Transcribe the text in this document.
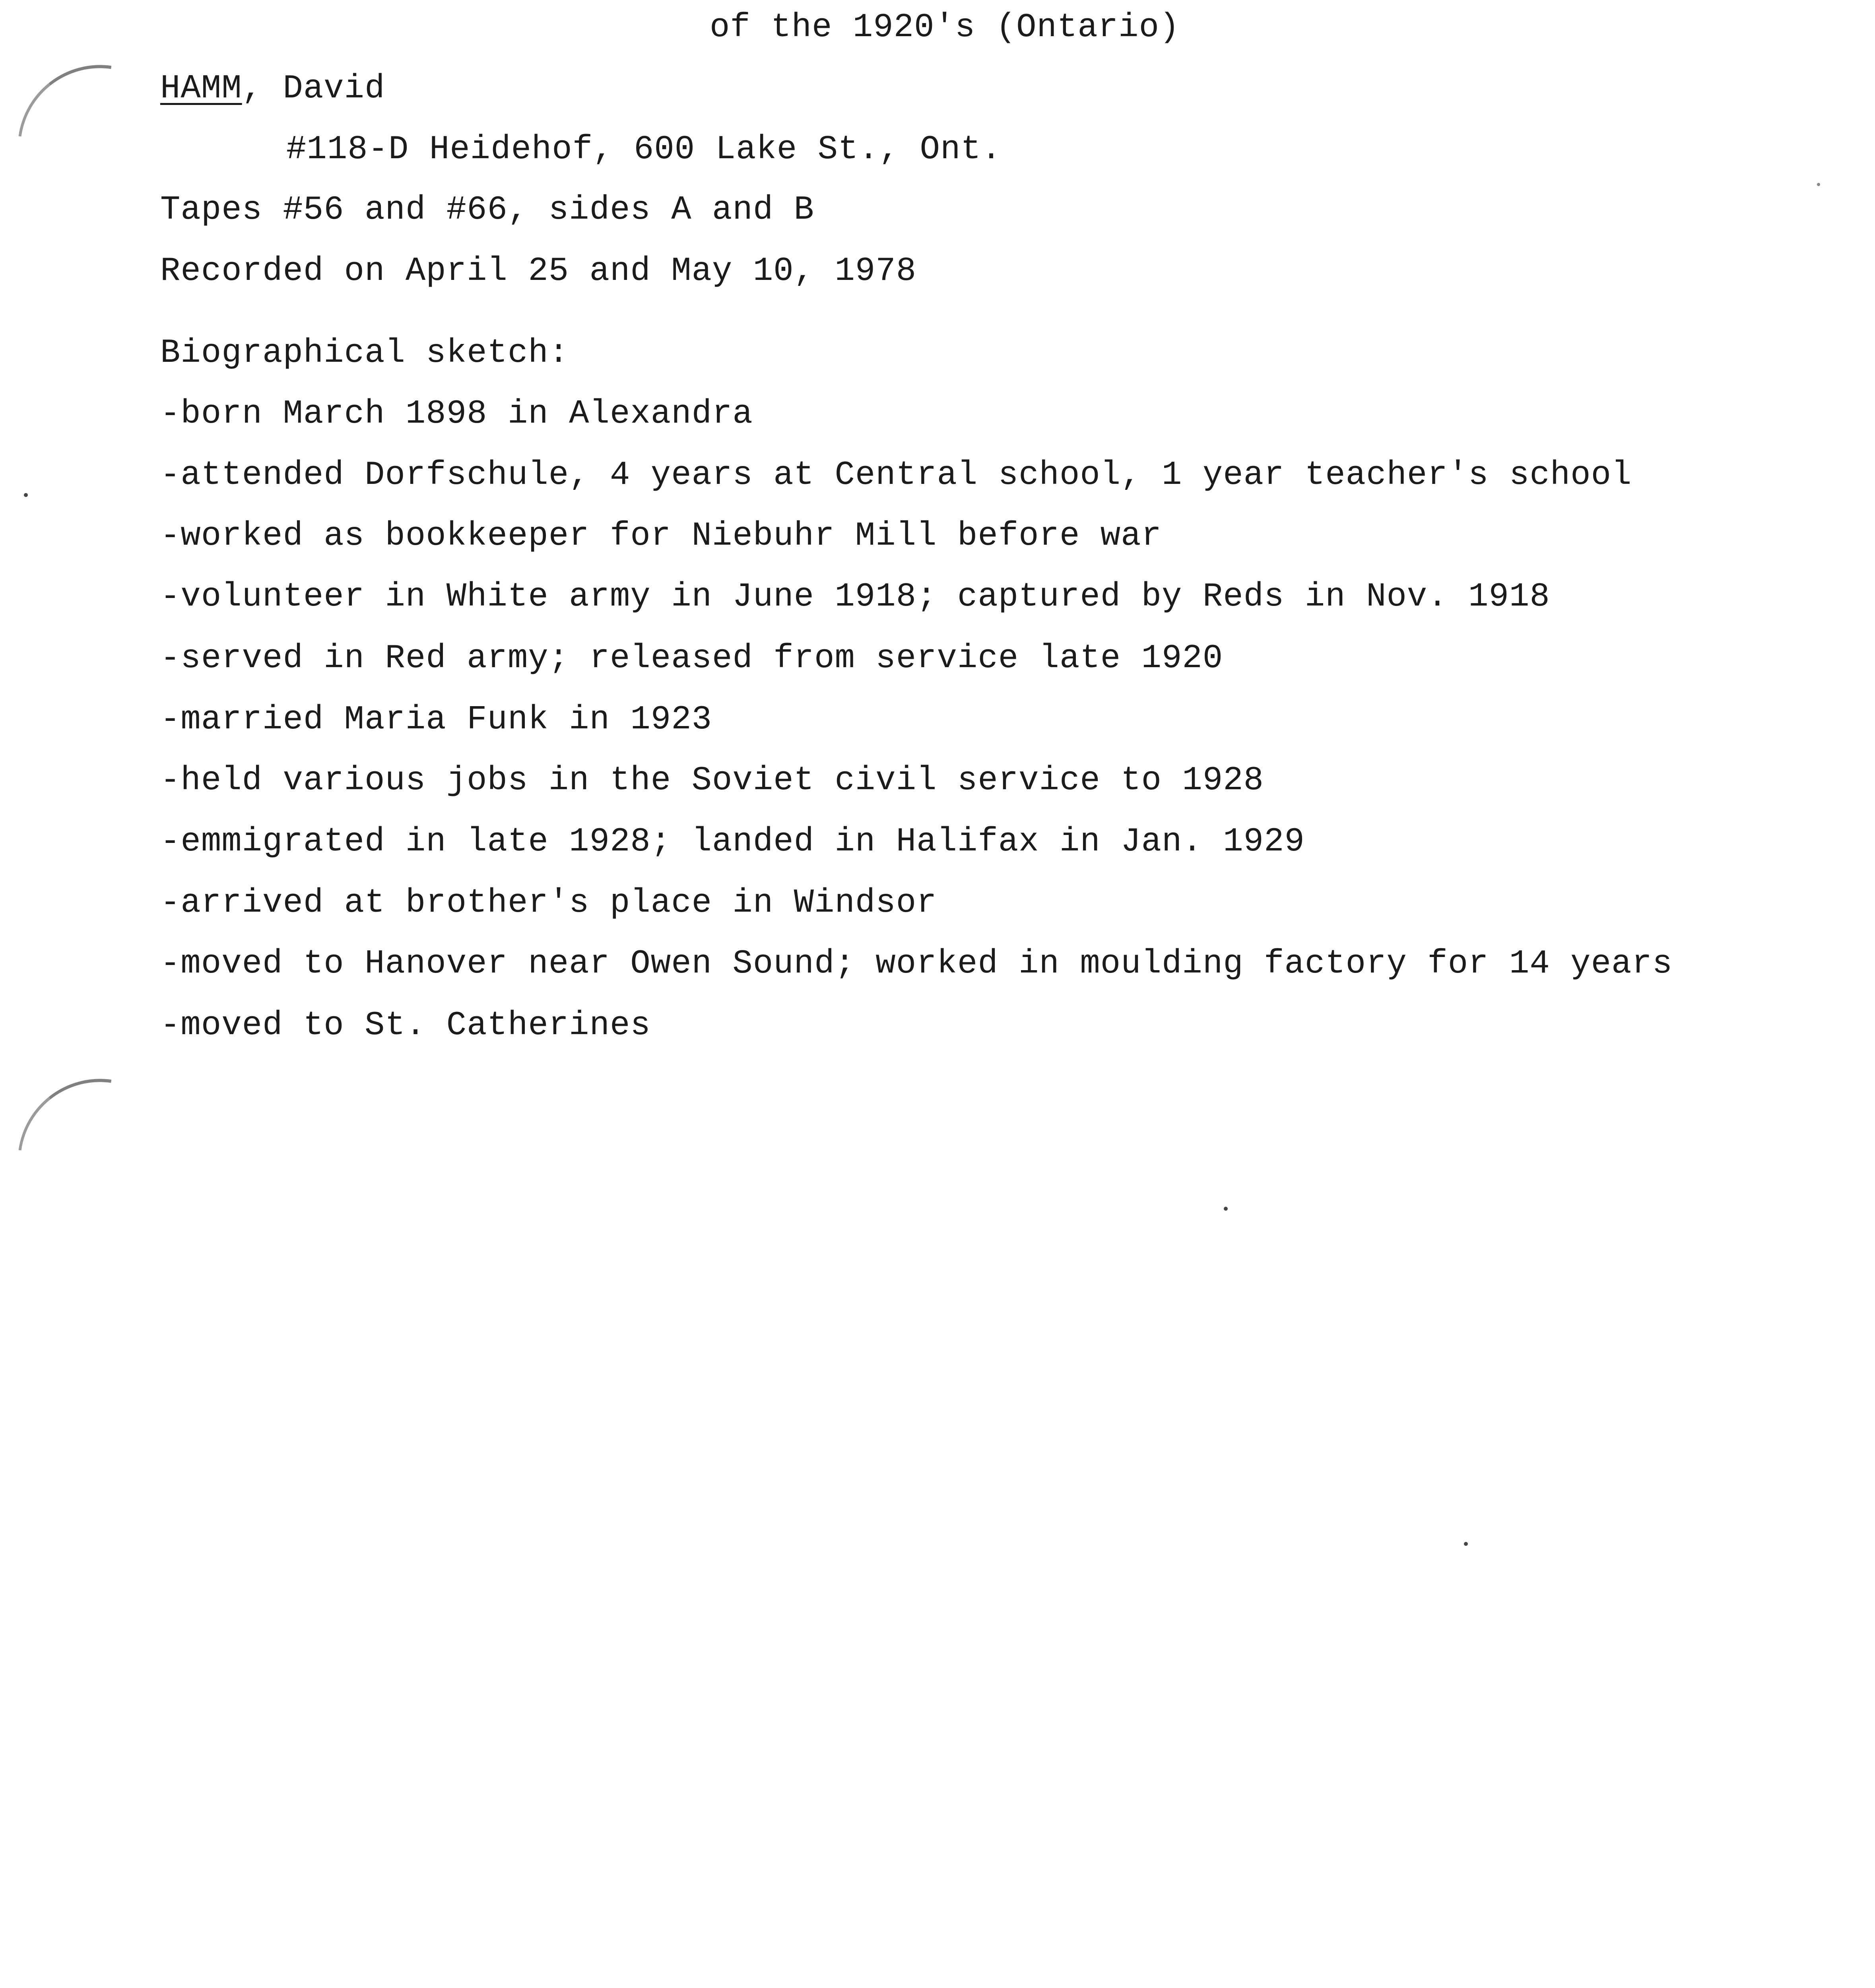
of the 1920's (Ontario)
HAMM, David
#118-D Heidehof, 600 Lake St., Ont.
Tapes #56 and #66, sides A and B
Recorded on April 25 and May 10, 1978
Biographical sketch:
-born March 1898 in Alexandra
-attended Dorfschule, 4 years at Central school, 1 year teacher's school
-worked as bookkeeper for Niebuhr Mill before war
-volunteer in White army in June 1918; captured by Reds in Nov. 1918
-served in Red army; released from service late 1920
-married Maria Funk in 1923
-held various jobs in the Soviet civil service to 1928
-emmigrated in late 1928; landed in Halifax in Jan. 1929
-arrived at brother's place in Windsor
-moved to Hanover near Owen Sound; worked in moulding factory for 14 years
-moved to St. Catherines
